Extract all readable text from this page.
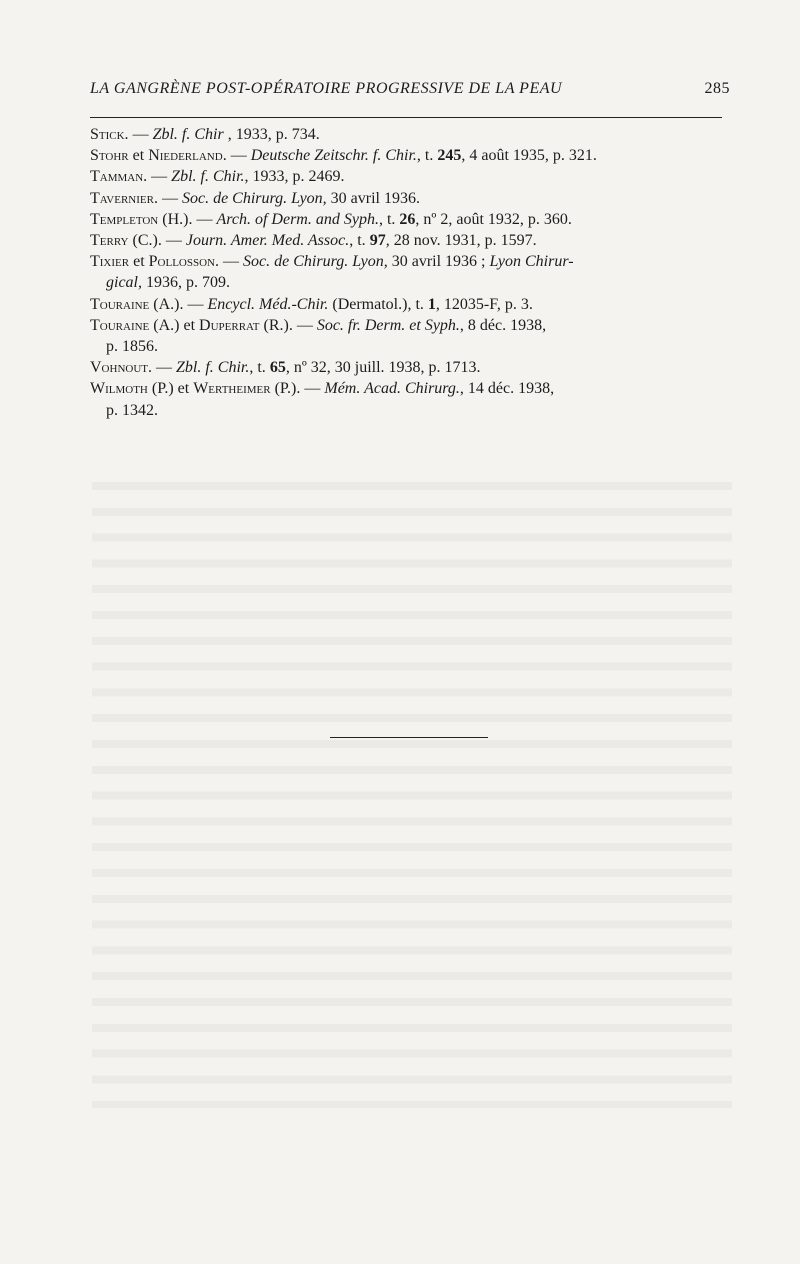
LA GANGRÈNE POST-OPÉRATOIRE PROGRESSIVE DE LA PEAU	285
Stick. — Zbl. f. Chir , 1933, p. 734.
Stohr et Niederland. — Deutsche Zeitschr. f. Chir., t. 245, 4 août 1935, p. 321.
Tamman. — Zbl. f. Chir., 1933, p. 2469.
Tavernier. — Soc. de Chirurg. Lyon, 30 avril 1936.
Templeton (H.). — Arch. of Derm. and Syph., t. 26, nº 2, août 1932, p. 360.
Terry (C.). — Journ. Amer. Med. Assoc., t. 97, 28 nov. 1931, p. 1597.
Tixier et Pollosson. — Soc. de Chirurg. Lyon, 30 avril 1936 ; Lyon Chirur-
gical, 1936, p. 709.
Touraine (A.). — Encycl. Méd.-Chir. (Dermatol.), t. 1, 12035-F, p. 3.
Touraine (A.) et Duperrat (R.). — Soc. fr. Derm. et Syph., 8 déc. 1938,
p. 1856.
Vohnout. — Zbl. f. Chir., t. 65, nº 32, 30 juill. 1938, p. 1713.
Wilmoth (P.) et Wertheimer (P.). — Mém. Acad. Chirurg., 14 déc. 1938,
p. 1342.
